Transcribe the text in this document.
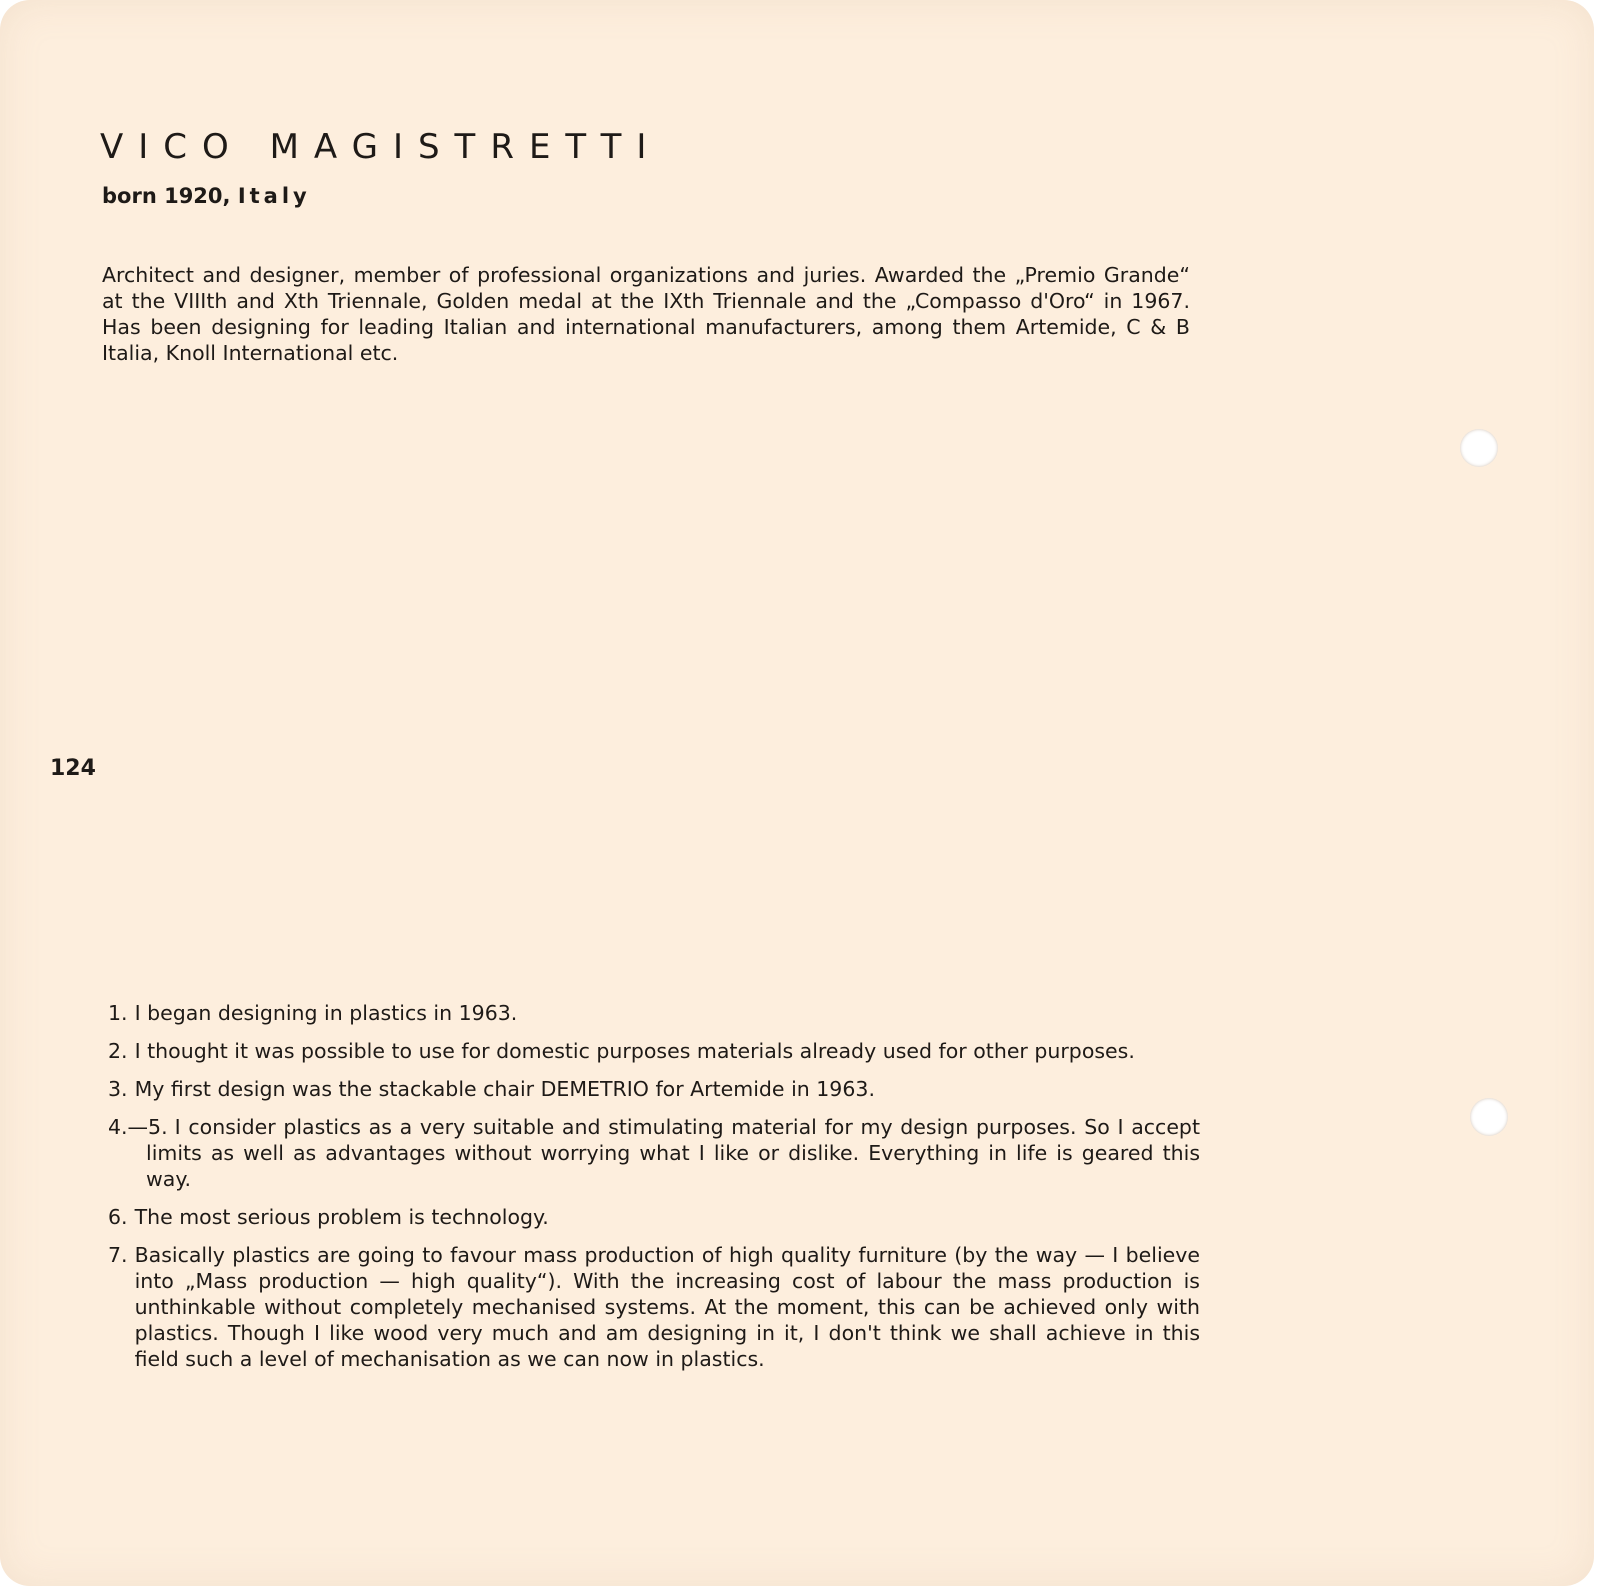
VICO MAGISTRETTI

born 1920, Italy

Architect and designer, member of professional organizations and juries. Awarded the „Premio Grande“ at the VIIIth and Xth Triennale, Golden medal at the IXth Triennale and the „Compasso d'Oro“ in 1967. Has been designing for leading Italian and international manufacturers, among them Artemide, C & B Italia, Knoll International etc.

124

1. I began designing in plastics in 1963.
2. I thought it was possible to use for domestic purposes materials already used for other purposes.
3. My first design was the stackable chair DEMETRIO for Artemide in 1963.
4.—5. I consider plastics as a very suitable and stimulating material for my design purposes. So I accept limits as well as advantages without worrying what I like or dislike. Everything in life is geared this way.
6. The most serious problem is technology.
7. Basically plastics are going to favour mass production of high quality furniture (by the way — I believe into „Mass production — high quality“). With the increasing cost of labour the mass production is unthinkable without completely mechanised systems. At the moment, this can be achieved only with plastics. Though I like wood very much and am designing in it, I don't think we shall achieve in this field such a level of mechanisation as we can now in plastics.
